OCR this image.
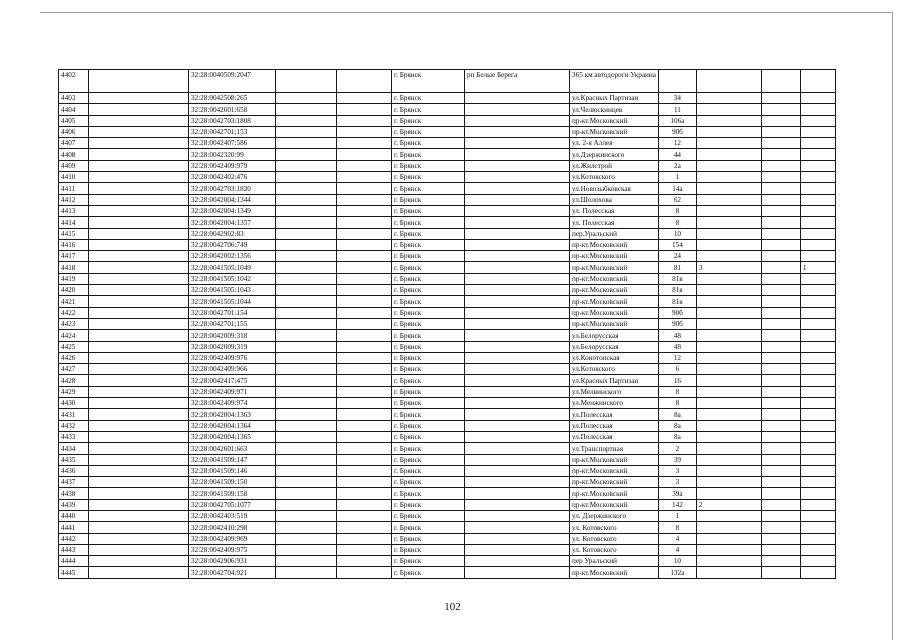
4402		32:28:0040509:2047			г. Брянск	рп Белые Берега	365 км автодороги Украина				
4403		32:28:0042508:265			г. Брянск		ул.Красных Партизан	34			
4404		32:28:0042601:658			г. Брянск		ул.Челюскинцев	11			
4405		32:28:0042703:1808			г. Брянск		пр-кт.Московский	106а			
4406		32:28:0042701:153			г. Брянск		пр-кт.Московский	90б			
4407		32:28:0042407:586			г. Брянск		ул. 2-я Аллея	12			
4408		32:28:0042320:99			г. Брянск		ул.Дзержинского	44			
4409		32:28:0042409:979			г. Брянск		ул.Жилстрой	2а			
4410		32:28:0042402:476			г. Брянск		ул.Котовского	1			
4411		32:28:0042703:1820			г. Брянск		ул.Новозыбковская	14а			
4412		32:28:0042004:1344			г. Брянск		ул.Шолохова	62			
4413		32:28:0042004:1349			г. Брянск		ул. Полесская	8			
4414		32:28:0042004:1357			г. Брянск		ул. Полесская	8			
4415		32:28:0042902:83			г. Брянск		пер.Уральский	10			
4416		32:28:0042706:749			г. Брянск		пр-кт.Московский	154			
4417		32:28:0042002:1356			г. Брянск		пр-кт.Московский	24			
4418		32:28:0041505:1049			г. Брянск		пр-кт.Московский	81	3		1
4419		32:28:0041505:1042			г. Брянск		пр-кт.Московский	81в			
4420		32:28:0041505:1043			г. Брянск		пр-кт.Московский	81в			
4421		32:28:0041505:1044			г. Брянск		пр-кт.Московский	81в			
4422		32:28:0042701:154			г. Брянск		пр-кт.Московский	90б			
4423		32:28:0042701:155			г. Брянск		пр-кт.Московский	90б			
4424		32:28:0042009:318			г. Брянск		ул.Белорусская	48			
4425		32:28:0042009:319			г. Брянск		ул.Белорусская	48			
4426		32:28:0042409:976			г. Брянск		ул.Конотопская	12			
4427		32:28:0042409:966			г. Брянск		ул.Котовского	6			
4428		32:28:0042417:475			г. Брянск		ул.Красных Партизан	16			
4429		32:28:0042409:971			г. Брянск		ул.Мелвинского	8			
4430		32:28:0042409:974			г. Брянск		ул.Менжинского	8			
4431		32:28:0042004:1363			г. Брянск		ул.Полесская	8а			
4432		32:28:0042004:1364			г. Брянск		ул.Полесская	8а			
4433		32:28:0042004:1365			г. Брянск		ул.Полесская	8а			
4434		32:28:0042601:663			г. Брянск		ул.Транспортная	2			
4435		32:28:0041509:147			г. Брянск		пр-кт.Московский	39			
4436		32:28:0041509:146			г. Брянск		пр-кт.Московский	3			
4437		32:28:0041509:150			г. Брянск		пр-кт.Московский	3			
4438		32:28:0041509:158			г. Брянск		пр-кт.Московский	39а			
4439		32:28:0042705:1077			г. Брянск		пр-кт.Московский	142	2		
4440		32:28:0042403:519			г. Брянск		ул. Дзержинского	1			
4441		32:28:0042410:298			г. Брянск		ул. Котовского	8			
4442		32:28:0042409:969			г. Брянск		ул. Котовского	4			
4443		32:28:0042409:975			г. Брянск		ул. Котовского	4			
4444		32:28:0042906:931			г. Брянск		пер Уральский	10			
4445		32:28:0042704:921			г. Брянск		пр-кт.Московский	132а			
102
